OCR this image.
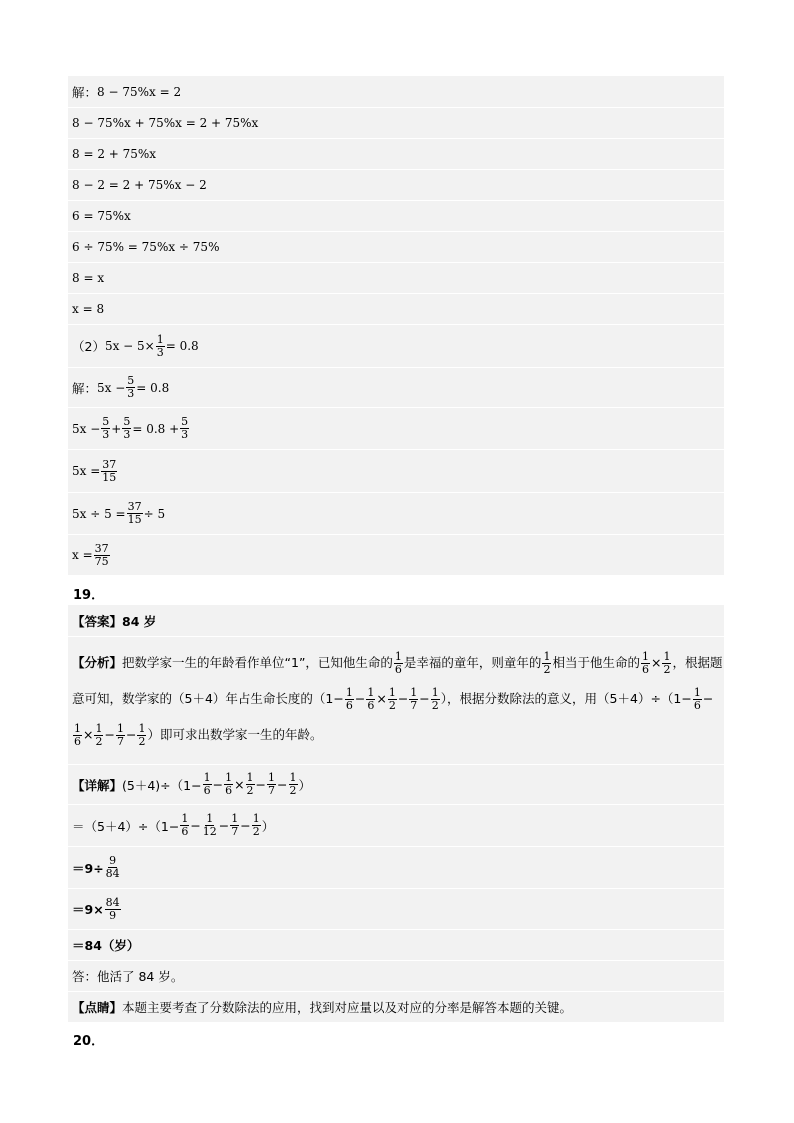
解： 8 − 75%x = 2
8 − 75%x + 75%x = 2 + 75%x
8 = 2 + 75%x
8 − 2 = 2 + 75%x − 2
6 = 75%x
6 ÷ 75% = 75%x ÷ 75%
8 = x
x = 8
（2） $5x - 5\times \frac{1}{3} = 0.8$
解： $5x - \frac{5}{3} = 0.8$
$5x - \frac{5}{3} + \frac{5}{3} = 0.8 + \frac{5}{3}$
$5x = \frac{37}{15}$
$5x \div 5 = \frac{37}{15} \div 5$
$x = \frac{37}{75}$
19．
【答案】 84 岁
【分析】把数学家一生的年龄看作单位“1”，已知他生命的 $\frac{1}{6}$ 是幸福的童年，则童年的 $\frac{1}{2}$ 相当于他生命的 $\frac{1}{6} \times \frac{1}{2}$ ，根据题意可知，数学家的（5＋4）年占生命长度的（$1- \frac{1}{6} - \frac{1}{6} \times \frac{1}{2} - \frac{1}{7} - \frac{1}{2}$ ），根据分数除法的意义，用$(5+4)\div(1- \frac{1}{6}$ −
$\frac{1}{6} \times \frac{1}{2} - \frac{1}{7} - \frac{1}{2}$ ）即可求出数学家一生的年龄。
【详解】 $(5+4)\div(1- \frac{1}{6} - \frac{1}{6} \times \frac{1}{2} - \frac{1}{7} - \frac{1}{2}$ ）
$=(5+4)\div(1- \frac{1}{6} - \frac{1}{12} - \frac{1}{7} - \frac{1}{2}$ ）
$=9\div \frac{9}{84}$
$=9\times \frac{84}{9}$
＝84（岁）
答：他活了 84 岁。
【点睛】 本题主要考查了分数除法的应用，找到对应量以及对应的分率是解答本题的关键。
20．
